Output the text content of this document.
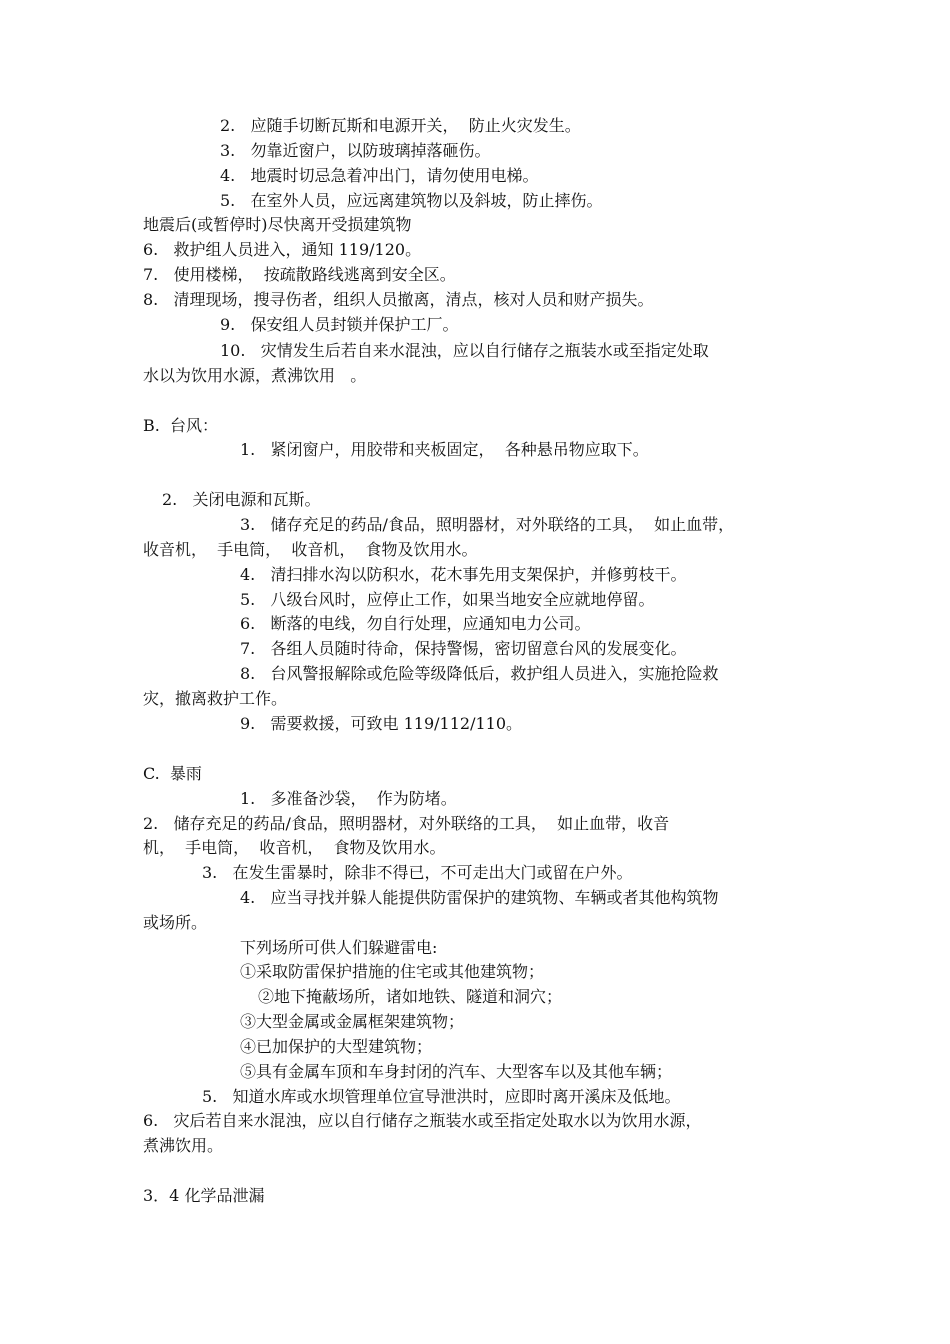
2.   应随手切断瓦斯和电源开关，  防止火灾发生。
3.   勿靠近窗户，以防玻璃掉落砸伤。
4.   地震时切忌急着冲出门，请勿使用电梯。
5.   在室外人员，应远离建筑物以及斜坡，防止摔伤。
地震后(或暂停时)尽快离开受损建筑物
6.   救护组人员进入，通知 119/120。
7.   使用楼梯，  按疏散路线逃离到安全区。
8.   清理现场，搜寻伤者，组织人员撤离，清点，核对人员和财产损失。
9.   保安组人员封锁并保护工厂。
10.   灾情发生后若自来水混浊，应以自行储存之瓶装水或至指定处取
水以为饮用水源，煮沸饮用   。
B.  台风：
1.   紧闭窗户，用胶带和夹板固定，  各种悬吊物应取下。
2.   关闭电源和瓦斯。
3.   储存充足的药品/食品，照明器材，对外联络的工具，  如止血带，
收音机，  手电筒，  收音机，  食物及饮用水。
4.   清扫排水沟以防积水，花木事先用支架保护，并修剪枝干。
5.   八级台风时，应停止工作，如果当地安全应就地停留。
6.   断落的电线，勿自行处理，应通知电力公司。
7.   各组人员随时待命，保持警惕，密切留意台风的发展变化。
8.   台风警报解除或危险等级降低后，救护组人员进入，实施抢险救
灾，撤离救护工作。
9.   需要救援，可致电 119/112/110。
C.  暴雨
1.   多准备沙袋，  作为防堵。
2.   储存充足的药品/食品，照明器材，对外联络的工具，  如止血带，收音
机，  手电筒，  收音机，  食物及饮用水。
3.   在发生雷暴时，除非不得已，不可走出大门或留在户外。
4.   应当寻找并躲人能提供防雷保护的建筑物、车辆或者其他构筑物
或场所。
下列场所可供人们躲避雷电:
①采取防雷保护措施的住宅或其他建筑物；
②地下掩蔽场所，诸如地铁、隧道和洞穴；
③大型金属或金属框架建筑物；
④已加保护的大型建筑物；
⑤具有金属车顶和车身封闭的汽车、大型客车以及其他车辆；
5.   知道水库或水坝管理单位宣导泄洪时，应即时离开溪床及低地。
6.   灾后若自来水混浊，应以自行储存之瓶装水或至指定处取水以为饮用水源，
煮沸饮用。
3．4 化学品泄漏
